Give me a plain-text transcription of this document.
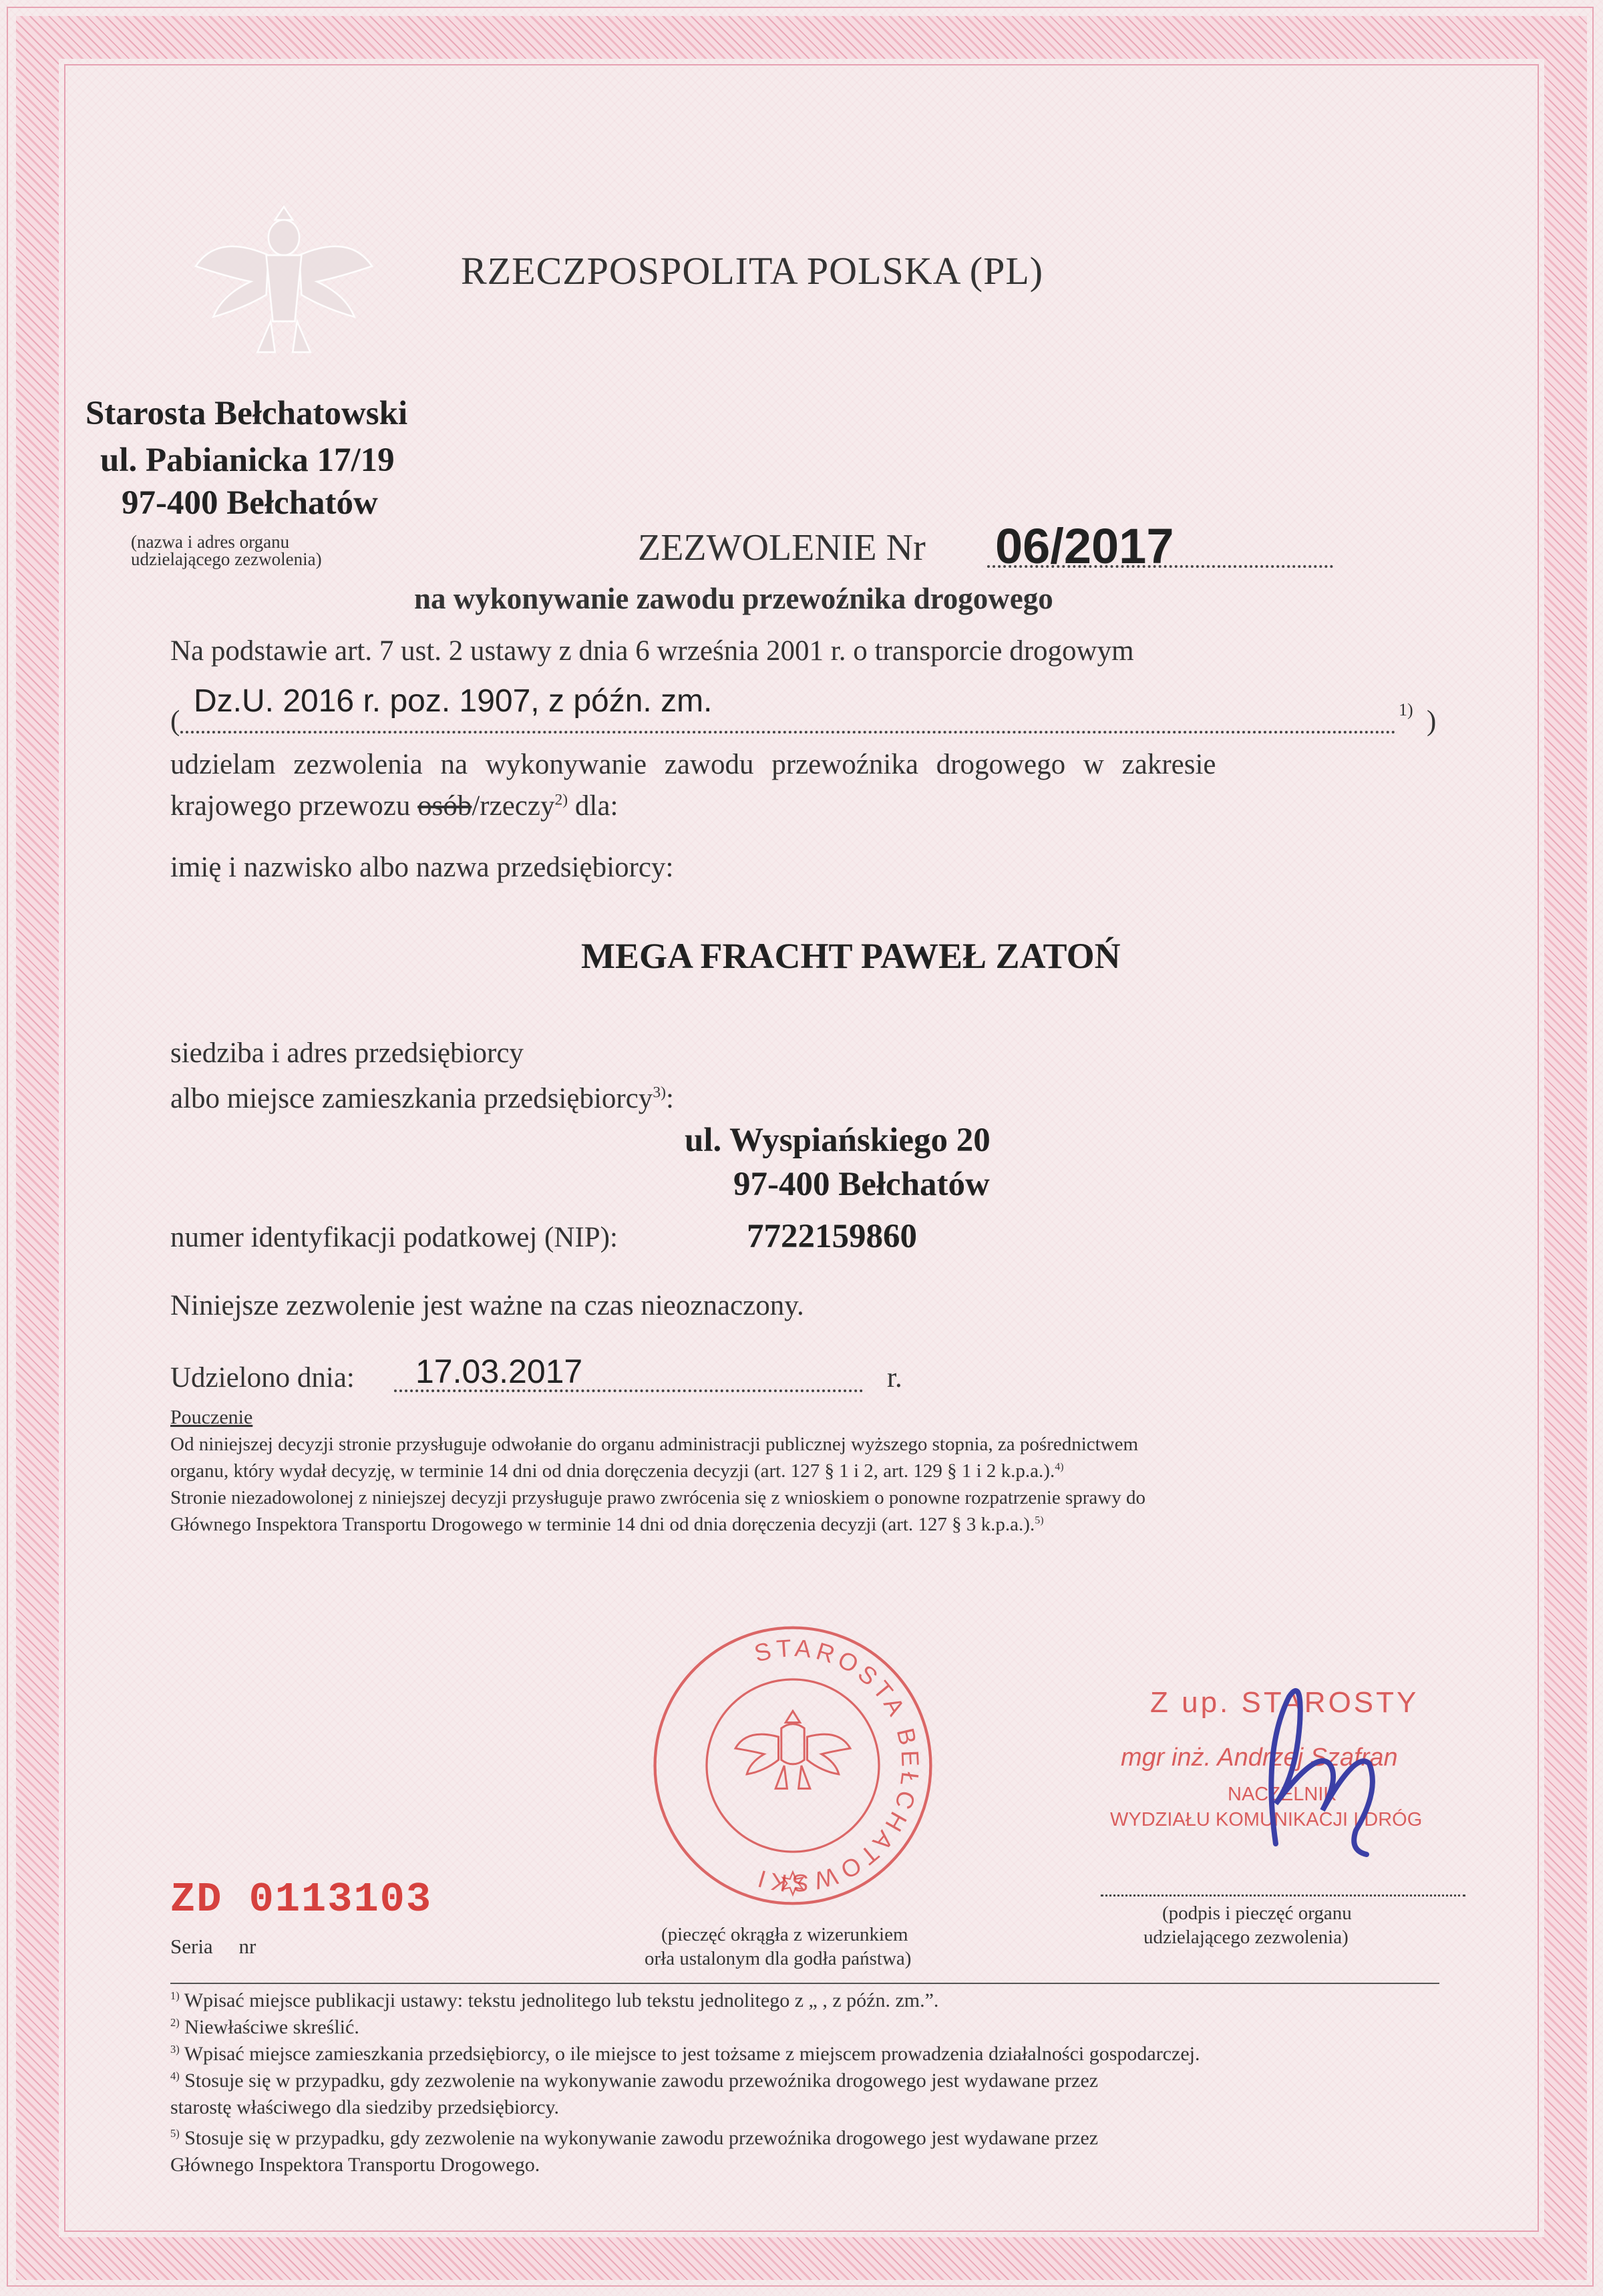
RZECZPOSPOLITA POLSKA (PL)
Starosta Bełchatowski
ul. Pabianicka 17/19
97-400 Bełchatów
(nazwa i adres organu
udzielającego zezwolenia)	ZEZWOLENIE Nr 06/2017
na wykonywanie zawodu przewoźnika drogowego
Na podstawie art. 7 ust. 2 ustawy z dnia 6 września 2001 r. o transporcie drogowym
(
Dz.U. 2016 r. poz. 1907, z późn. zm.	1) )
udzielam zezwolenia na wykonywanie zawodu przewoźnika drogowego w zakresie
krajowego przewozu osób/rzeczy$^{2)}$ dla:
imię i nazwisko albo nazwa przedsiębiorcy:
MEGA FRACHT PAWEŁ ZATOŃ
siedziba i adres przedsiębiorcy
albo miejsce zamieszkania przedsiębiorcy$^{3)}$:
ul. Wyspiańskiego 20
97-400 Bełchatów
numer identyfikacji podatkowej (NIP):	7722159860
Niniejsze zezwolenie jest ważne na czas nieoznaczony.
Udzielono dnia: 17.03.2017	r.
Pouczenie
Od niniejszej decyzji stronie przysługuje odwołanie do organu administracji publicznej wyższego stopnia, za pośrednictwem
organu, który wydał decyzję, w terminie 14 dni od dnia doręczenia decyzji (art. 127 § 1 i 2, art. 129 § 1 i 2 k.p.a.).$^{4)}$
Stronie niezadowolonej z niniejszej decyzji przysługuje prawo zwrócenia się z wnioskiem o ponowne rozpatrzenie sprawy do
Głównego Inspektora Transportu Drogowego w terminie 14 dni od dnia doręczenia decyzji (art. 127 § 3 k.p.a.).$^{5)}$
STAROSTA BEŁCHATOWSKI
(pieczęć okrągła z wizerunkiem
orła ustalonym dla godła państwa)
Z up. STAROSTY
mgr inż. Andrzej Szafran
NACZELNIK
WYDZIAŁU KOMUNIKACJI I DRÓG
(podpis i pieczęć organu
udzielającego zezwolenia)
ZD 0113103
Seria     nr
$^{1)}$ Wpisać miejsce publikacji ustawy: tekstu jednolitego lub tekstu jednolitego z „ , z późn. zm.”.
$^{2)}$ Niewłaściwe skreślić.
$^{3)}$ Wpisać miejsce zamieszkania przedsiębiorcy, o ile miejsce to jest tożsame z miejscem prowadzenia działalności gospodarczej.
$^{4)}$ Stosuje się w przypadku, gdy zezwolenie na wykonywanie zawodu przewoźnika drogowego jest wydawane przez
starostę właściwego dla siedziby przedsiębiorcy.
$^{5)}$ Stosuje się w przypadku, gdy zezwolenie na wykonywanie zawodu przewoźnika drogowego jest wydawane przez
Głównego Inspektora Transportu Drogowego.
